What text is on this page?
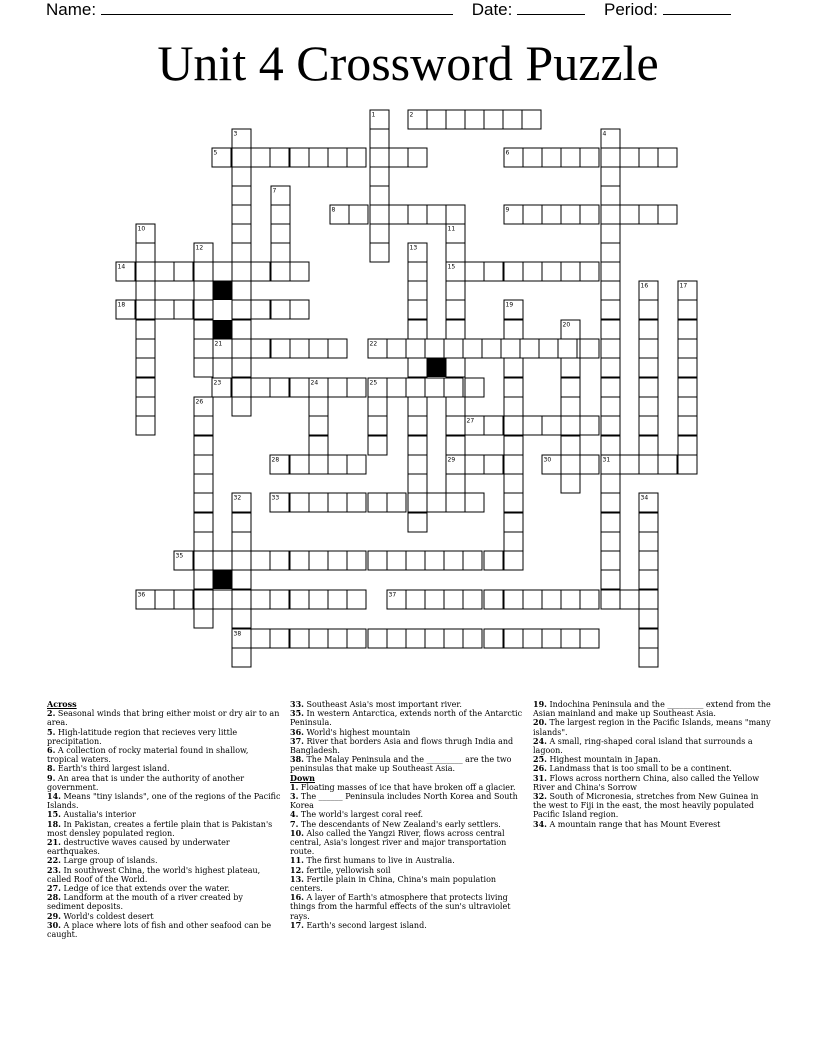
Name:	Date:	Period:
Unit 4 Crossword Puzzle
1	2
3	4
5	6
7
8	9
10	11
12	13
14	15
16	17
18	19
20
21	22
23	24	25
26
27
28	29	30	31
32	33	34
35
36	37
38
Across
2. Seasonal winds that bring either moist or dry air to an area.
5. High-latitude region that recieves very little precipitation.
6. A collection of rocky material found in shallow, tropical waters.
8. Earth's third largest island.
9. An area that is under the authority of another government.
14. Means "tiny islands", one of the regions of the Pacific Islands.
15. Austalia's interior
18. In Pakistan, creates a fertile plain that is Pakistan's most densley populated region.
21. destructive waves caused by underwater earthquakes.
22. Large group of islands.
23. In southwest China, the world's highest plateau, called Roof of the World.
27. Ledge of ice that extends over the water.
28. Landform at the mouth of a river created by sediment deposits.
29. World's coldest desert
30. A place where lots of fish and other seafood can be caught.
33. Southeast Asia's most important river.
35. In western Antarctica, extends north of the Antarctic Peninsula.
36. World's highest mountain
37. River that borders Asia and flows thrugh India and Bangladesh.
38. The Malay Peninsula and the _________ are the two peninsulas that make up Southeast Asia.
Down
1. Floating masses of ice that have broken off a glacier.
3. The ______ Peninsula includes North Korea and South Korea
4. The world's largest coral reef.
7. The descendants of New Zealand's early settlers.
10. Also called the Yangzi River, flows across central central, Asia's longest river and major transportation route.
11. The first humans to live in Australia.
12. fertile, yellowish soil
13. Fertile plain in China, China's main population centers.
16. A layer of Earth's atmosphere that protects living things from the harmful effects of the sun's ultraviolet rays.
17. Earth's second largest island.
19. Indochina Peninsula and the _________ extend from the Asian mainland and make up Southeast Asia.
20. The largest region in the Pacific Islands, means "many islands".
24. A small, ring-shaped coral island that surrounds a lagoon.
25. Highest mountain in Japan.
26. Landmass that is too small to be a continent.
31. Flows across northern China, also called the Yellow River and China's Sorrow
32. South of Micronesia, stretches from New Guinea in the west to Fiji in the east, the most heavily populated Pacific Island region.
34. A mountain range that has Mount Everest
